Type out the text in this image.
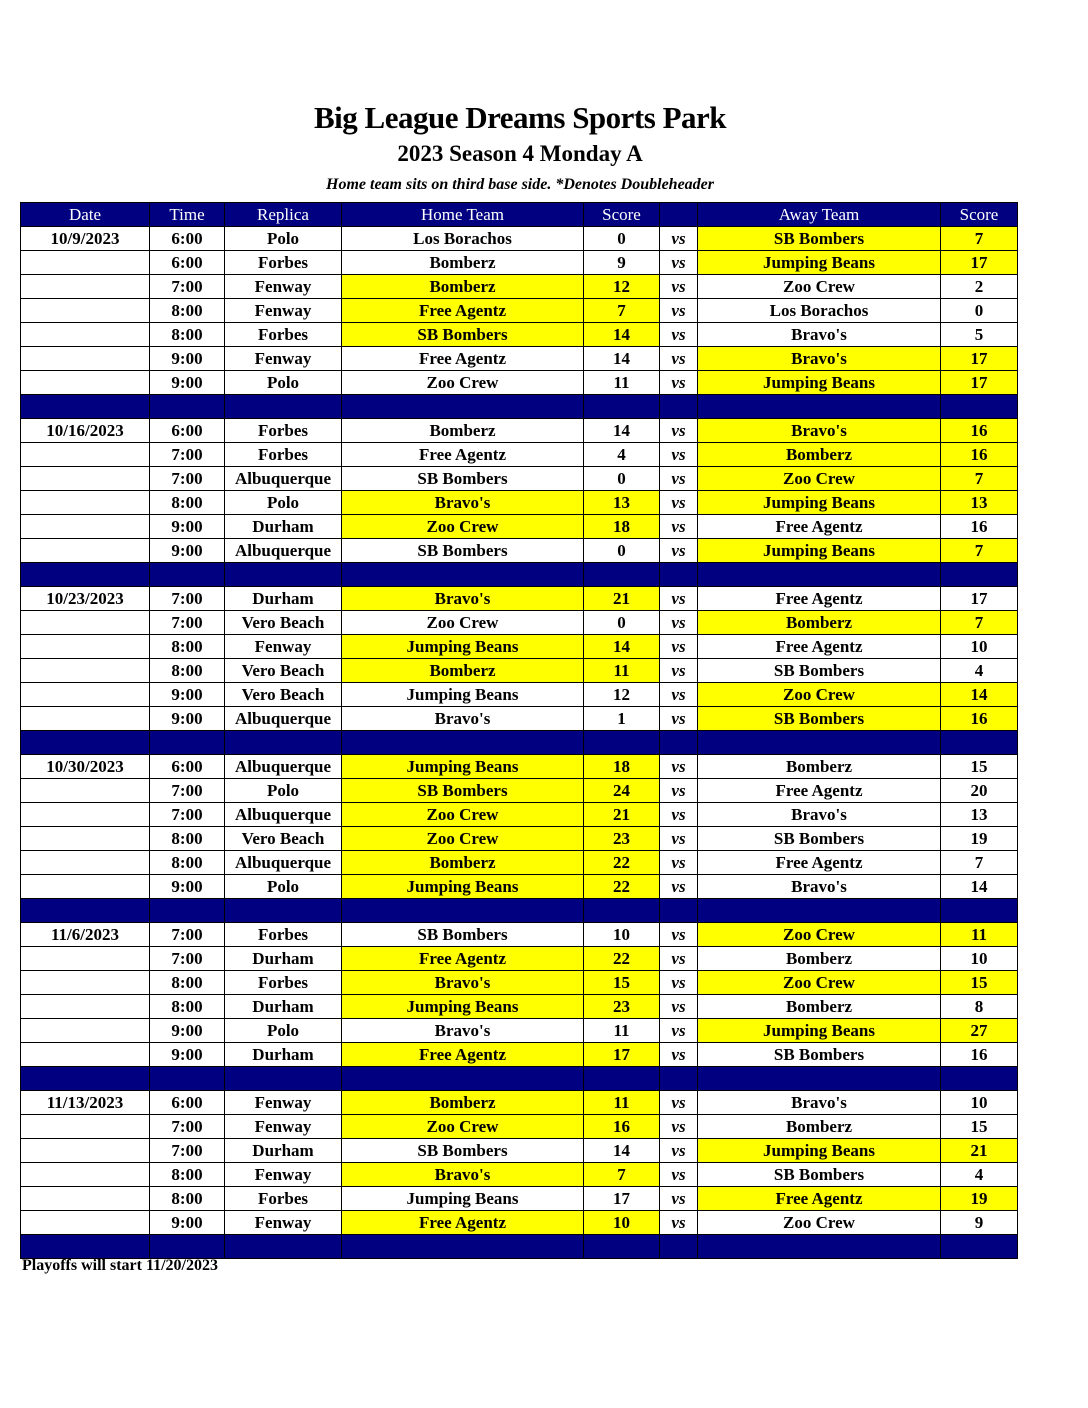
Big League Dreams Sports Park
2023 Season 4 Monday A
Home team sits on third base side. *Denotes Doubleheader
Date	Time	Replica	Home Team	Score		Away Team	Score
10/9/2023	6:00	Polo	Los Borachos	0	vs	SB Bombers	7
	6:00	Forbes	Bomberz	9	vs	Jumping Beans	17
	7:00	Fenway	Bomberz	12	vs	Zoo Crew	2
	8:00	Fenway	Free Agentz	7	vs	Los Borachos	0
	8:00	Forbes	SB Bombers	14	vs	Bravo's	5
	9:00	Fenway	Free Agentz	14	vs	Bravo's	17
	9:00	Polo	Zoo Crew	11	vs	Jumping Beans	17

10/16/2023	6:00	Forbes	Bomberz	14	vs	Bravo's	16
	7:00	Forbes	Free Agentz	4	vs	Bomberz	16
	7:00	Albuquerque	SB Bombers	0	vs	Zoo Crew	7
	8:00	Polo	Bravo's	13	vs	Jumping Beans	13
	9:00	Durham	Zoo Crew	18	vs	Free Agentz	16
	9:00	Albuquerque	SB Bombers	0	vs	Jumping Beans	7

10/23/2023	7:00	Durham	Bravo's	21	vs	Free Agentz	17
	7:00	Vero Beach	Zoo Crew	0	vs	Bomberz	7
	8:00	Fenway	Jumping Beans	14	vs	Free Agentz	10
	8:00	Vero Beach	Bomberz	11	vs	SB Bombers	4
	9:00	Vero Beach	Jumping Beans	12	vs	Zoo Crew	14
	9:00	Albuquerque	Bravo's	1	vs	SB Bombers	16

10/30/2023	6:00	Albuquerque	Jumping Beans	18	vs	Bomberz	15
	7:00	Polo	SB Bombers	24	vs	Free Agentz	20
	7:00	Albuquerque	Zoo Crew	21	vs	Bravo's	13
	8:00	Vero Beach	Zoo Crew	23	vs	SB Bombers	19
	8:00	Albuquerque	Bomberz	22	vs	Free Agentz	7
	9:00	Polo	Jumping Beans	22	vs	Bravo's	14

11/6/2023	7:00	Forbes	SB Bombers	10	vs	Zoo Crew	11
	7:00	Durham	Free Agentz	22	vs	Bomberz	10
	8:00	Forbes	Bravo's	15	vs	Zoo Crew	15
	8:00	Durham	Jumping Beans	23	vs	Bomberz	8
	9:00	Polo	Bravo's	11	vs	Jumping Beans	27
	9:00	Durham	Free Agentz	17	vs	SB Bombers	16

11/13/2023	6:00	Fenway	Bomberz	11	vs	Bravo's	10
	7:00	Fenway	Zoo Crew	16	vs	Bomberz	15
	7:00	Durham	SB Bombers	14	vs	Jumping Beans	21
	8:00	Fenway	Bravo's	7	vs	SB Bombers	4
	8:00	Forbes	Jumping Beans	17	vs	Free Agentz	19
	9:00	Fenway	Free Agentz	10	vs	Zoo Crew	9

Playoffs will start 11/20/2023
